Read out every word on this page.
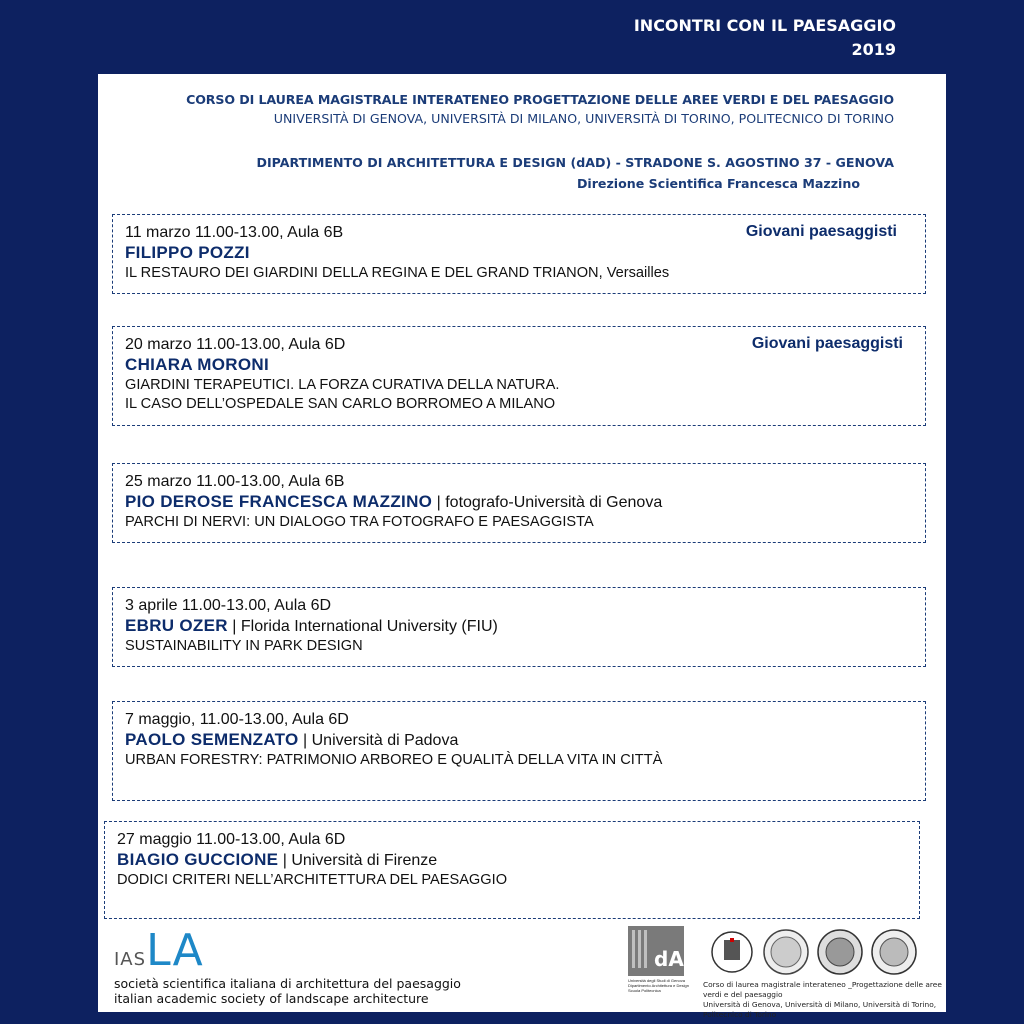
INCONTRI CON IL PAESAGGIO
2019
CORSO DI LAUREA MAGISTRALE INTERATENEO PROGETTAZIONE DELLE AREE VERDI E DEL PAESAGGIO
UNIVERSITÀ DI GENOVA, UNIVERSITÀ DI MILANO, UNIVERSITÀ DI TORINO, POLITECNICO DI TORINO
DIPARTIMENTO DI ARCHITETTURA E DESIGN (dAD) - STRADONE S. AGOSTINO 37 - GENOVA
Direzione Scientifica Francesca Mazzino
11 marzo 11.00-13.00, Aula 6B	Giovani paesaggisti
FILIPPO POZZI
IL RESTAURO DEI GIARDINI DELLA REGINA E DEL GRAND TRIANON, Versailles
20 marzo 11.00-13.00, Aula 6D	Giovani paesaggisti
CHIARA MORONI
GIARDINI TERAPEUTICI. LA FORZA CURATIVA DELLA NATURA.
IL CASO DELL’OSPEDALE SAN CARLO BORROMEO A MILANO
25 marzo 11.00-13.00, Aula 6B
PIO DEROSE FRANCESCA MAZZINO | fotografo-Università di Genova
PARCHI DI NERVI: UN DIALOGO TRA FOTOGRAFO E PAESAGGISTA
3 aprile 11.00-13.00, Aula 6D
EBRU OZER | Florida International University (FIU)
SUSTAINABILITY IN PARK DESIGN
7 maggio, 11.00-13.00, Aula 6D
PAOLO SEMENZATO | Università di Padova
URBAN FORESTRY: PATRIMONIO ARBOREO E QUALITÀ DELLA VITA IN CITTÀ
27 maggio 11.00-13.00, Aula 6D
BIAGIO GUCCIONE | Università di Firenze
DODICI CRITERI NELL’ARCHITETTURA DEL PAESAGGIO
IASLA
società scientifica italiana di architettura del paesaggio
italian academic society of landscape architecture
dAD
Università degli Studi di Genova Dipartimento Architettura e Design Scuola Politecnica
Corso di laurea magistrale interateneo _Progettazione delle aree verdi e del paesaggio
Università di Genova, Università di Milano, Università di Torino, Politecnico di Torino
